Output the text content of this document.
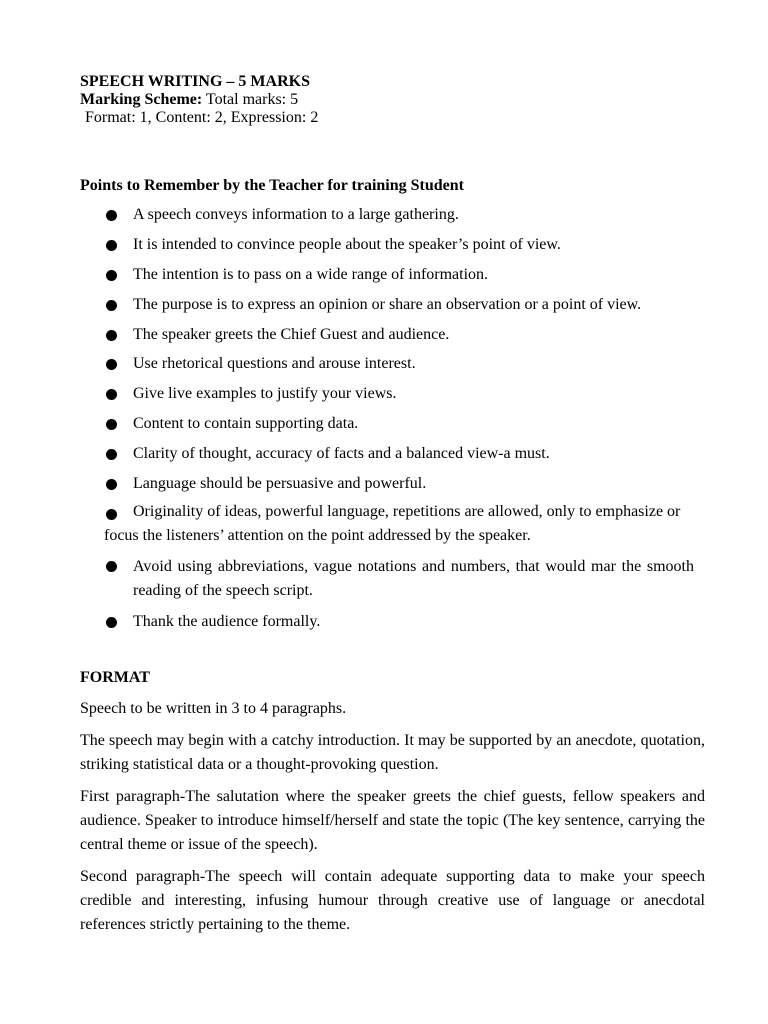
SPEECH WRITING – 5 MARKS
Marking Scheme: Total marks: 5
Format: 1, Content: 2, Expression: 2
Points to Remember by the Teacher for training Student
A speech conveys information to a large gathering.
It is intended to convince people about the speaker’s point of view.
The intention is to pass on a wide range of information.
The purpose is to express an opinion or share an observation or a point of view.
The speaker greets the Chief Guest and audience.
Use rhetorical questions and arouse interest.
Give live examples to justify your views.
Content to contain supporting data.
Clarity of thought, accuracy of facts and a balanced view-a must.
Language should be persuasive and powerful.
Originality of ideas, powerful language, repetitions are allowed, only to emphasize or
focus the listeners’ attention on the point addressed by the speaker.
Avoid using abbreviations, vague notations and numbers, that would mar the smooth reading of the speech script.
Thank the audience formally.
FORMAT

Speech to be written in 3 to 4 paragraphs.

The speech may begin with a catchy introduction. It may be supported by an anecdote, quotation, striking statistical data or a thought-provoking question.

First paragraph-The salutation where the speaker greets the chief guests, fellow speakers and audience. Speaker to introduce himself/herself and state the topic (The key sentence, carrying the central theme or issue of the speech).

Second paragraph-The speech will contain adequate supporting data to make your speech credible and interesting, infusing humour through creative use of language or anecdotal references strictly pertaining to the theme.
